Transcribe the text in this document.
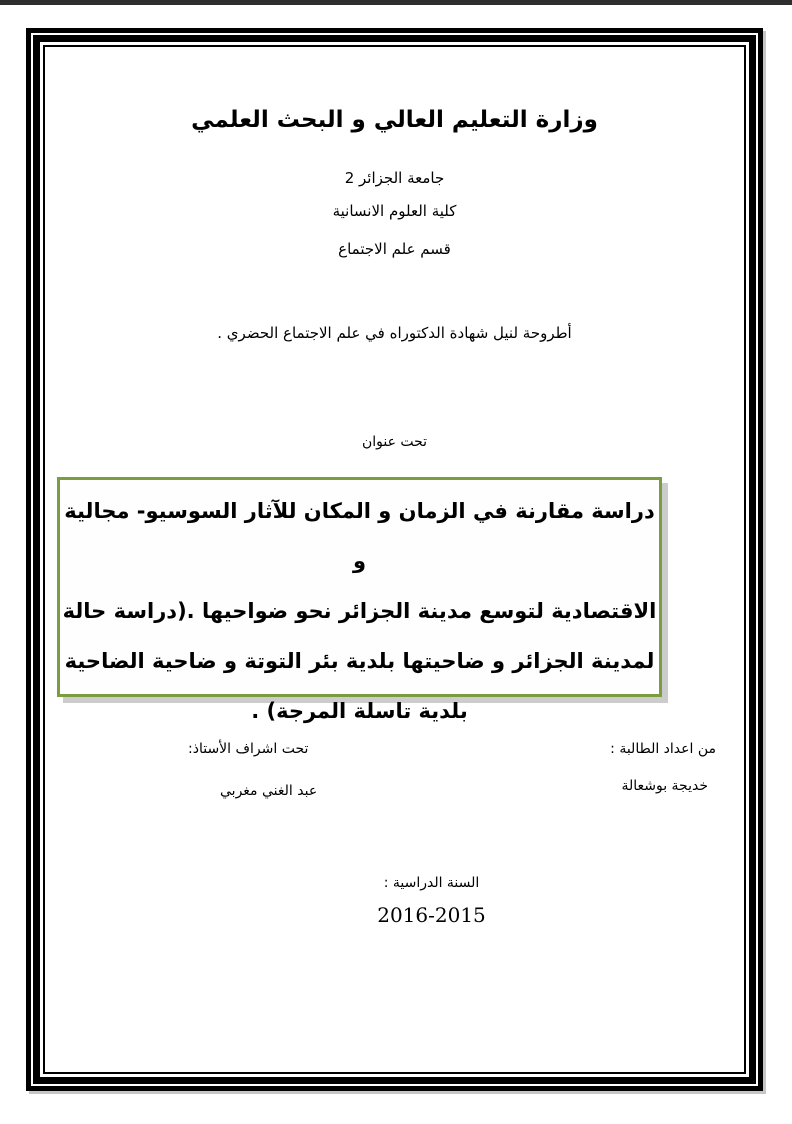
وزارة التعليم العالي و البحث العلمي
جامعة الجزائر 2
كلية العلوم الانسانية
قسم علم الاجتماع
أطروحة لنيل شهادة الدكتوراه في علم الاجتماع الحضري .
تحت عنوان
دراسة مقارنة في الزمان و المكان للآثار السوسيو- مجالية و
الاقتصادية لتوسع مدينة الجزائر نحو ضواحيها .(دراسة حالة
لمدينة الجزائر و ضاحيتها بلدية بئر التوتة و ضاحية الضاحية
بلدية تاسلة المرجة) .
من اعداد الطالبة :
خديجة بوشعالة
تحت اشراف الأستاذ:
عبد الغني مغربي
السنة الدراسية :
2016-2015
